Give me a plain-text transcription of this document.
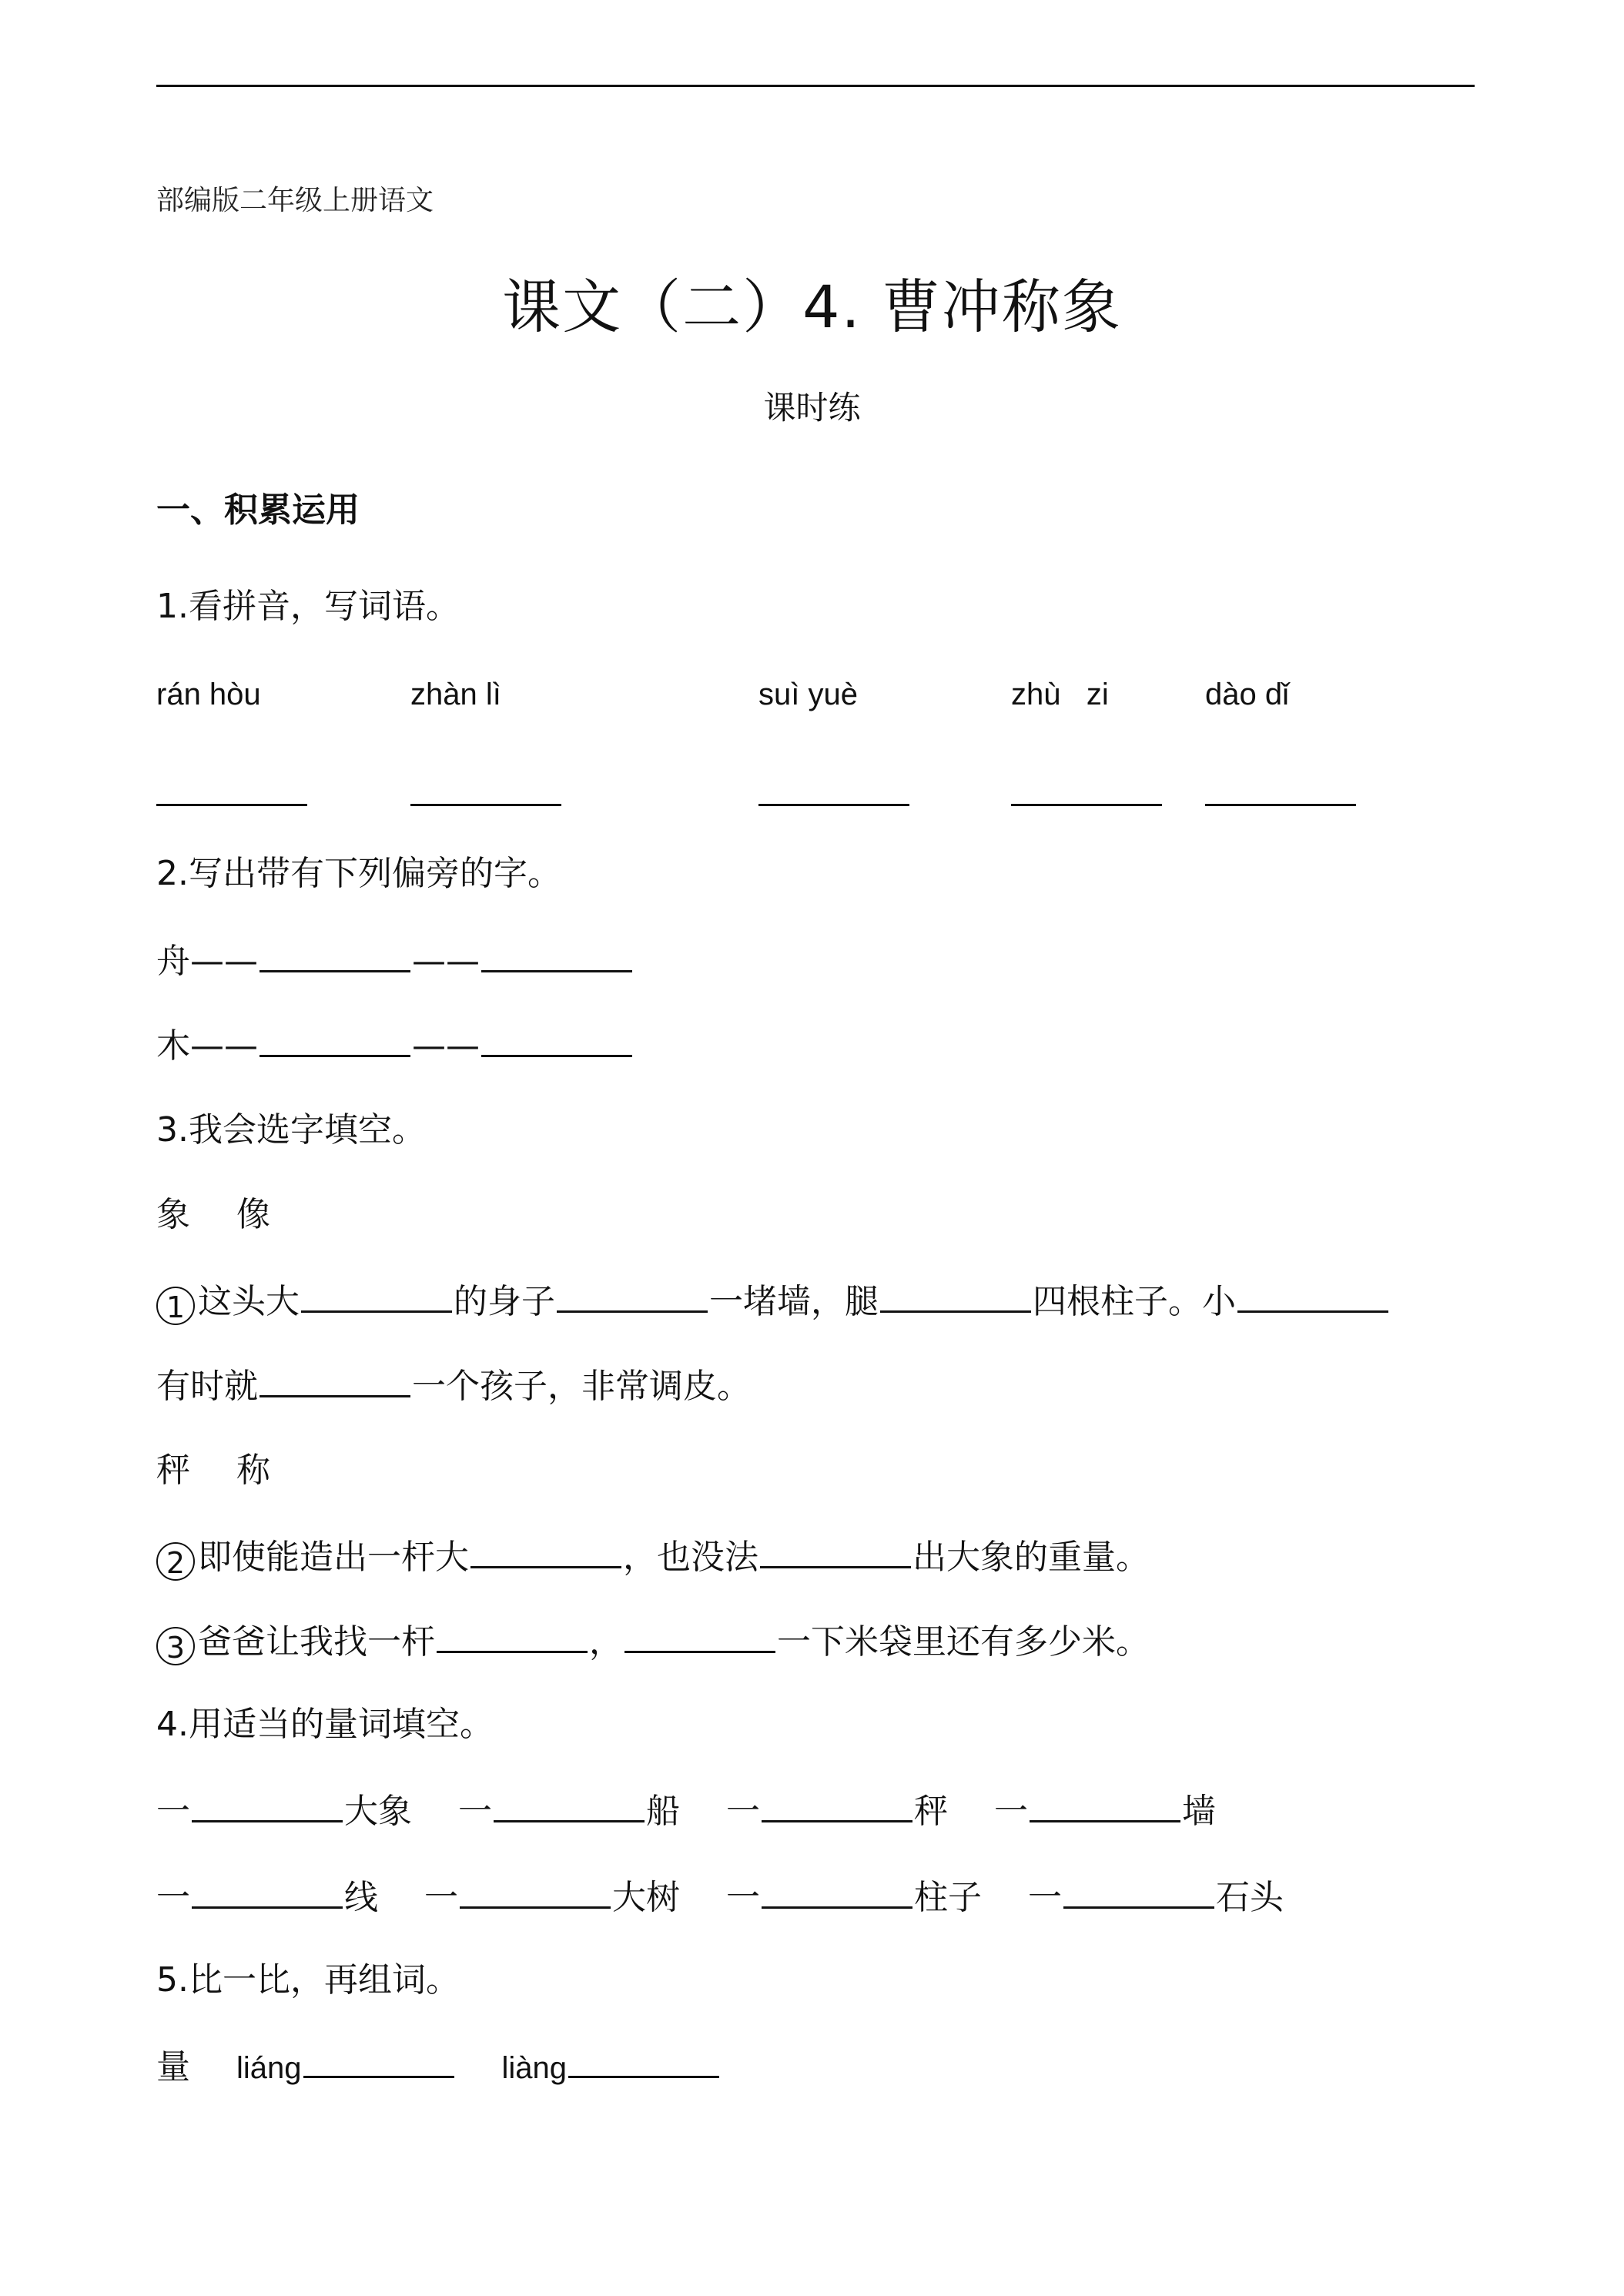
部编版二年级上册语文
课文（二）4. 曹冲称象
课时练
一、积累运用
1.看拼音，写词语。
rán hòu	zhàn lì	suì yuè	zhù   zi	dào dǐ
2.写出带有下列偏旁的字。
舟——	——
木——	——
3.我会选字填空。
象 像
1 这头大	的身子	一堵墙，腿	四根柱子。小
有时就	一个孩子，非常调皮。
秤 称
2 即使能造出一杆大	，也没法	出大象的重量。
3 爸爸让我找一杆	，	一下米袋里还有多少米。
4.用适当的量词填空。
一	大象 一	船 一	秤 一	墙
一	线 一	大树 一	柱子 一	石头
5.比一比，再组词。
量 liáng	liàng
